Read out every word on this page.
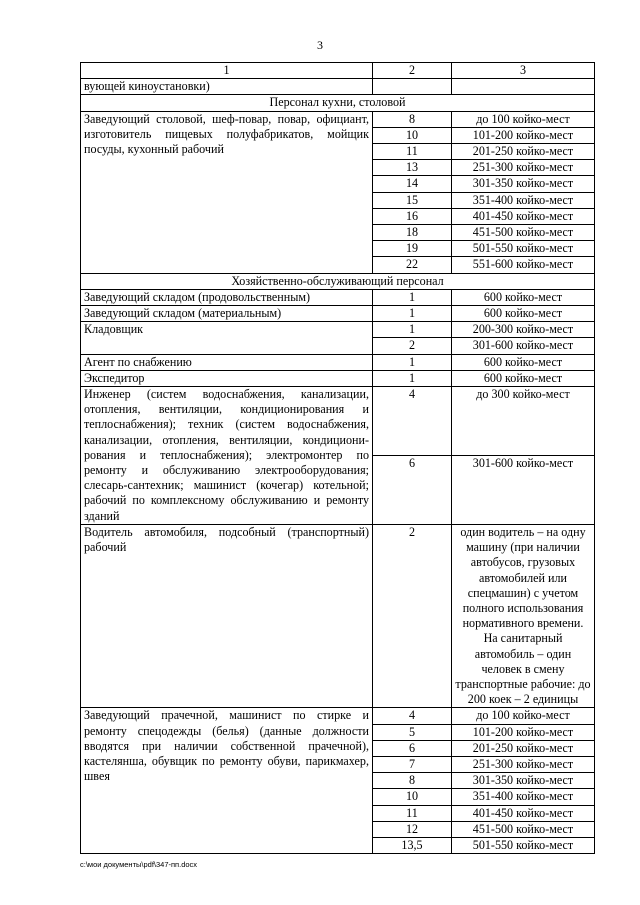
3
1	2	3
вующей киноустановки)		
Персонал кухни, столовой		
Заведующий столовой, шеф-повар, повар, официант, изготовитель пищевых полуфабрикатов, мойщик посуды, кухонный рабочий	8	до 100 койко-мест
	10	101-200 койко-мест
	11	201-250 койко-мест
	13	251-300 койко-мест
	14	301-350 койко-мест
	15	351-400 койко-мест
	16	401-450 койко-мест
	18	451-500 койко-мест
	19	501-550 койко-мест
	22	551-600 койко-мест
Хозяйственно-обслуживающий персонал		
Заведующий складом (продовольственным)	1	600 койко-мест
Заведующий складом (материальным)	1	600 койко-мест
Кладовщик	1	200-300 койко-мест
	2	301-600 койко-мест
Агент по снабжению	1	600 койко-мест
Экспедитор	1	600 койко-мест
Инженер (систем водоснабжения, канализации, отопления, вентиляции, кондиционирования и теплоснабжения); техник (систем водоснабжения, канализации, отопления, вентиляции, кондициони-рования и теплоснабжения); электромонтер по ремонту и обслуживанию электрооборудования; слесарь-сантехник; машинист (кочегар) котельной; рабочий по комплексному обслуживанию и ремонту зданий	4	до 300 койко-мест
	6	301-600 койко-мест
Водитель автомобиля, подсобный (транспортный) рабочий	2	один водитель – на одну машину (при наличии автобусов, грузовых автомобилей или спецмашин) с учетом полного использования нормативного времени. На санитарный автомобиль – один человек в смену транспортные рабочие: до 200 коек – 2 единицы
Заведующий прачечной, машинист по стирке и ремонту спецодежды (белья) (данные должности вводятся при наличии собственной прачечной), кастелянша, обувщик по ремонту обуви, парикмахер, швея	4	до 100 койко-мест
	5	101-200 койко-мест
	6	201-250 койко-мест
	7	251-300 койко-мест
	8	301-350 койко-мест
	10	351-400 койко-мест
	11	401-450 койко-мест
	12	451-500 койко-мест
	13,5	501-550 койко-мест
c:\мои документы\pdf\347-пп.docx
